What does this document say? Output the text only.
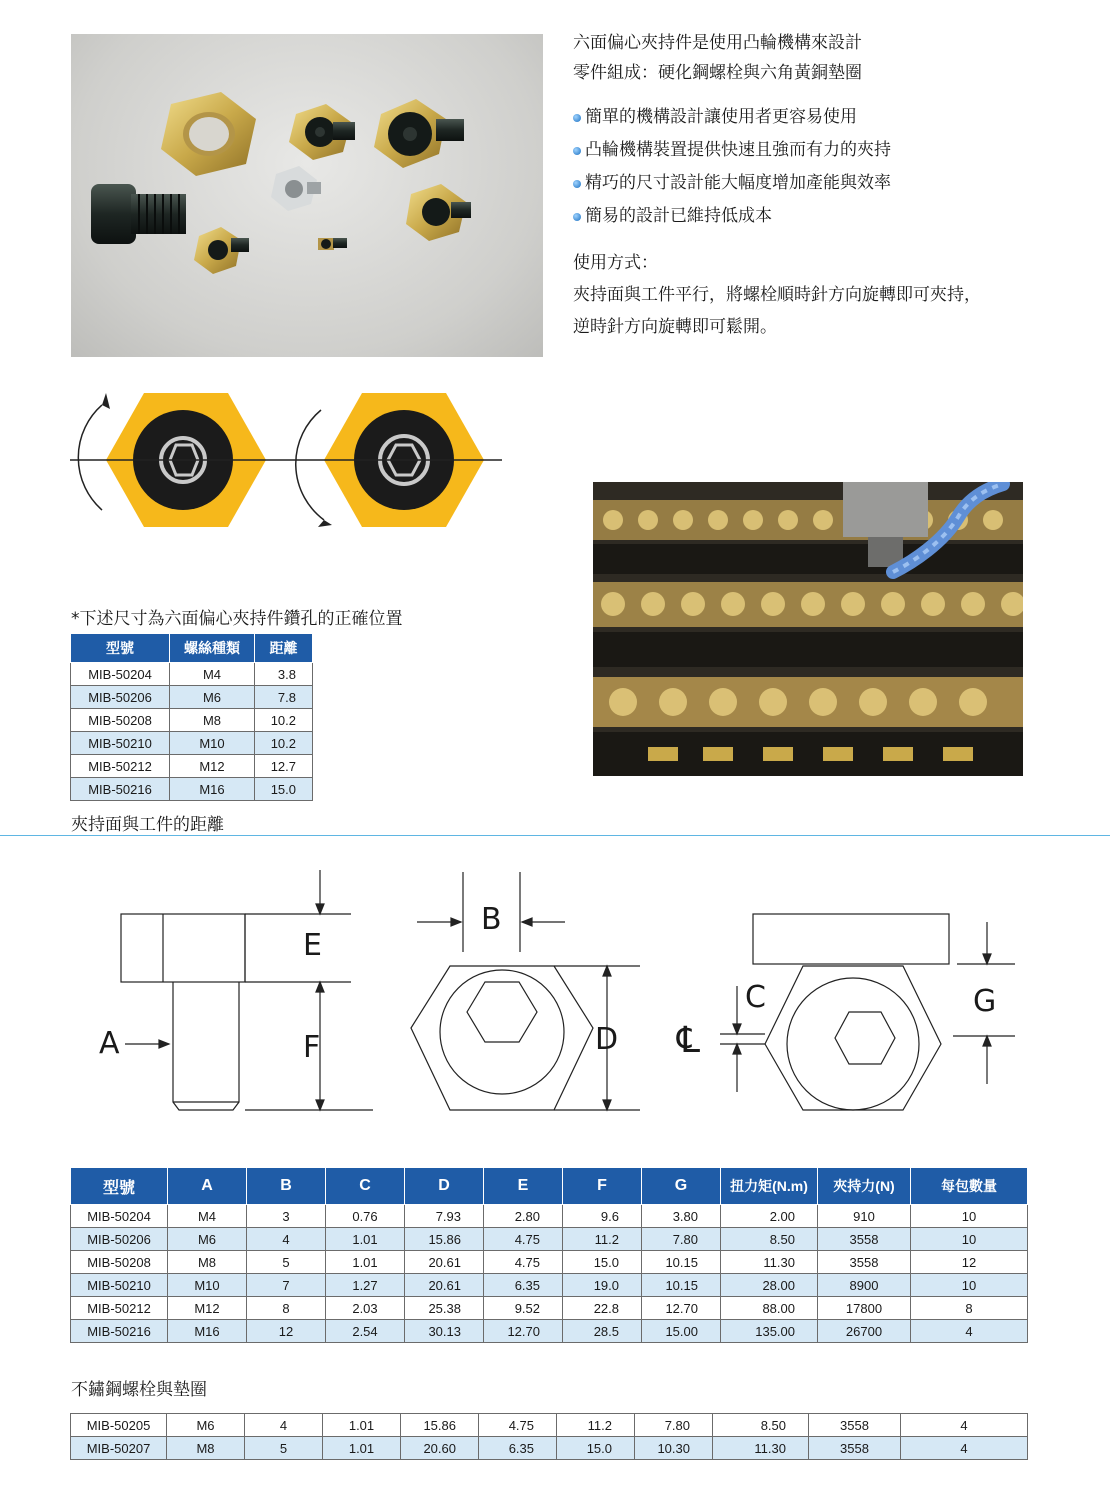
六面偏心夾持件是使用凸輪機構來設計
零件組成：硬化鋼螺栓與六角黃銅墊圈
簡單的機構設計讓使用者更容易使用
凸輪機構裝置提供快速且強而有力的夾持
精巧的尺寸設計能大幅度增加產能與效率
簡易的設計已維持低成本
使用方式：
夾持面與工件平行，將螺栓順時針方向旋轉即可夾持，
逆時針方向旋轉即可鬆開。
*下述尺寸為六面偏心夾持件鑽孔的正確位置
型號	螺絲種類	距離
MIB-50204	M4	3.8
MIB-50206	M6	7.8
MIB-50208	M8	10.2
MIB-50210	M10	10.2
MIB-50212	M12	12.7
MIB-50216	M16	15.0
夾持面與工件的距離
E
F
A
B
D
C	G
℄
型號	A	B	C	D	E	F	G	扭力矩(N.m)	夾持力(N)	每包數量
MIB-50204	M4	3	0.76	7.93	2.80	9.6	3.80	2.00	910	10
MIB-50206	M6	4	1.01	15.86	4.75	11.2	7.80	8.50	3558	10
MIB-50208	M8	5	1.01	20.61	4.75	15.0	10.15	11.30	3558	12
MIB-50210	M10	7	1.27	20.61	6.35	19.0	10.15	28.00	8900	10
MIB-50212	M12	8	2.03	25.38	9.52	22.8	12.70	88.00	17800	8
MIB-50216	M16	12	2.54	30.13	12.70	28.5	15.00	135.00	26700	4
不鏽鋼螺栓與墊圈
MIB-50205	M6	4	1.01	15.86	4.75	11.2	7.80	8.50	3558	4
MIB-50207	M8	5	1.01	20.60	6.35	15.0	10.30	11.30	3558	4
